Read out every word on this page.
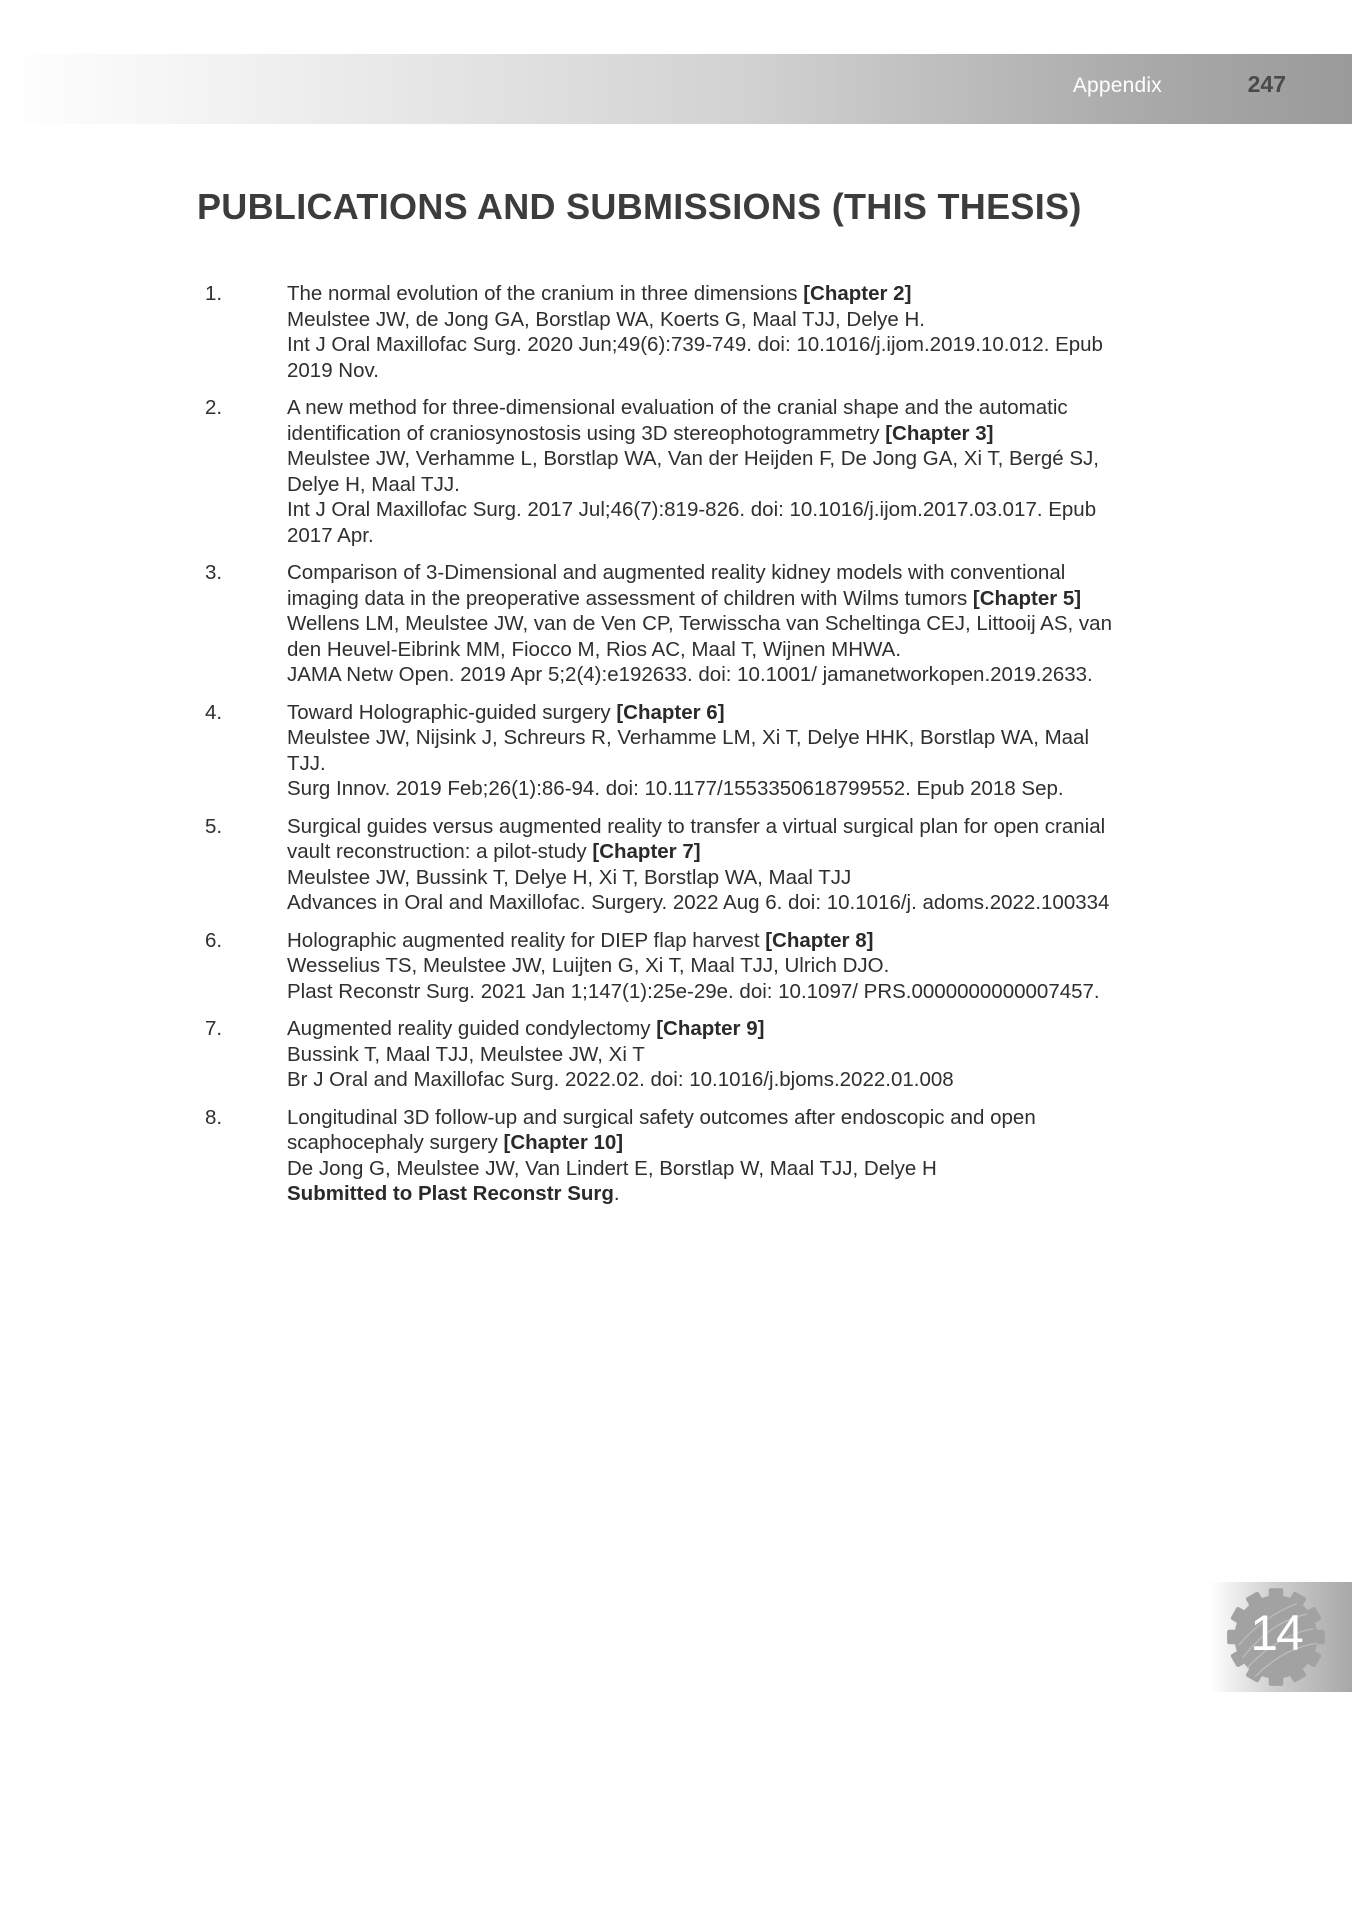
Appendix	247
PUBLICATIONS AND SUBMISSIONS (THIS THESIS)
1.	The normal evolution of the cranium in three dimensions [Chapter 2]
Meulstee JW, de Jong GA, Borstlap WA, Koerts G, Maal TJJ, Delye H.
Int J Oral Maxillofac Surg. 2020 Jun;49(6):739-749. doi: 10.1016/j.ijom.2019.10.012. Epub 2019 Nov.
2.	A new method for three-dimensional evaluation of the cranial shape and the automatic identification of craniosynostosis using 3D stereophotogrammetry [Chapter 3]
Meulstee JW, Verhamme L, Borstlap WA, Van der Heijden F, De Jong GA, Xi T, Bergé SJ, Delye H, Maal TJJ.
Int J Oral Maxillofac Surg. 2017 Jul;46(7):819-826. doi: 10.1016/j.ijom.2017.03.017. Epub 2017 Apr.
3.	Comparison of 3-Dimensional and augmented reality kidney models with conventional imaging data in the preoperative assessment of children with Wilms tumors [Chapter 5]
Wellens LM, Meulstee JW, van de Ven CP, Terwisscha van Scheltinga CEJ, Littooij AS, van den Heuvel-Eibrink MM, Fiocco M, Rios AC, Maal T, Wijnen MHWA.
JAMA Netw Open. 2019 Apr 5;2(4):e192633. doi: 10.1001/ jamanetworkopen.2019.2633.
4.	Toward Holographic-guided surgery [Chapter 6]
Meulstee JW, Nijsink J, Schreurs R, Verhamme LM, Xi T, Delye HHK, Borstlap WA, Maal TJJ.
Surg Innov. 2019 Feb;26(1):86-94. doi: 10.1177/1553350618799552. Epub 2018 Sep.
5.	Surgical guides versus augmented reality to transfer a virtual surgical plan for open cranial vault reconstruction: a pilot-study [Chapter 7]
Meulstee JW, Bussink T, Delye H, Xi T, Borstlap WA, Maal TJJ
Advances in Oral and Maxillofac. Surgery. 2022 Aug 6. doi: 10.1016/j. adoms.2022.100334
6.	Holographic augmented reality for DIEP flap harvest [Chapter 8]
Wesselius TS, Meulstee JW, Luijten G, Xi T, Maal TJJ, Ulrich DJO.
Plast Reconstr Surg. 2021 Jan 1;147(1):25e-29e. doi: 10.1097/ PRS.0000000000007457.
7.	Augmented reality guided condylectomy [Chapter 9]
Bussink T, Maal TJJ, Meulstee JW, Xi T
Br J Oral and Maxillofac Surg. 2022.02. doi: 10.1016/j.bjoms.2022.01.008
8.	Longitudinal 3D follow-up and surgical safety outcomes after endoscopic and open scaphocephaly surgery [Chapter 10]
De Jong G, Meulstee JW, Van Lindert E, Borstlap W, Maal TJJ, Delye H
Submitted to Plast Reconstr Surg.
14
